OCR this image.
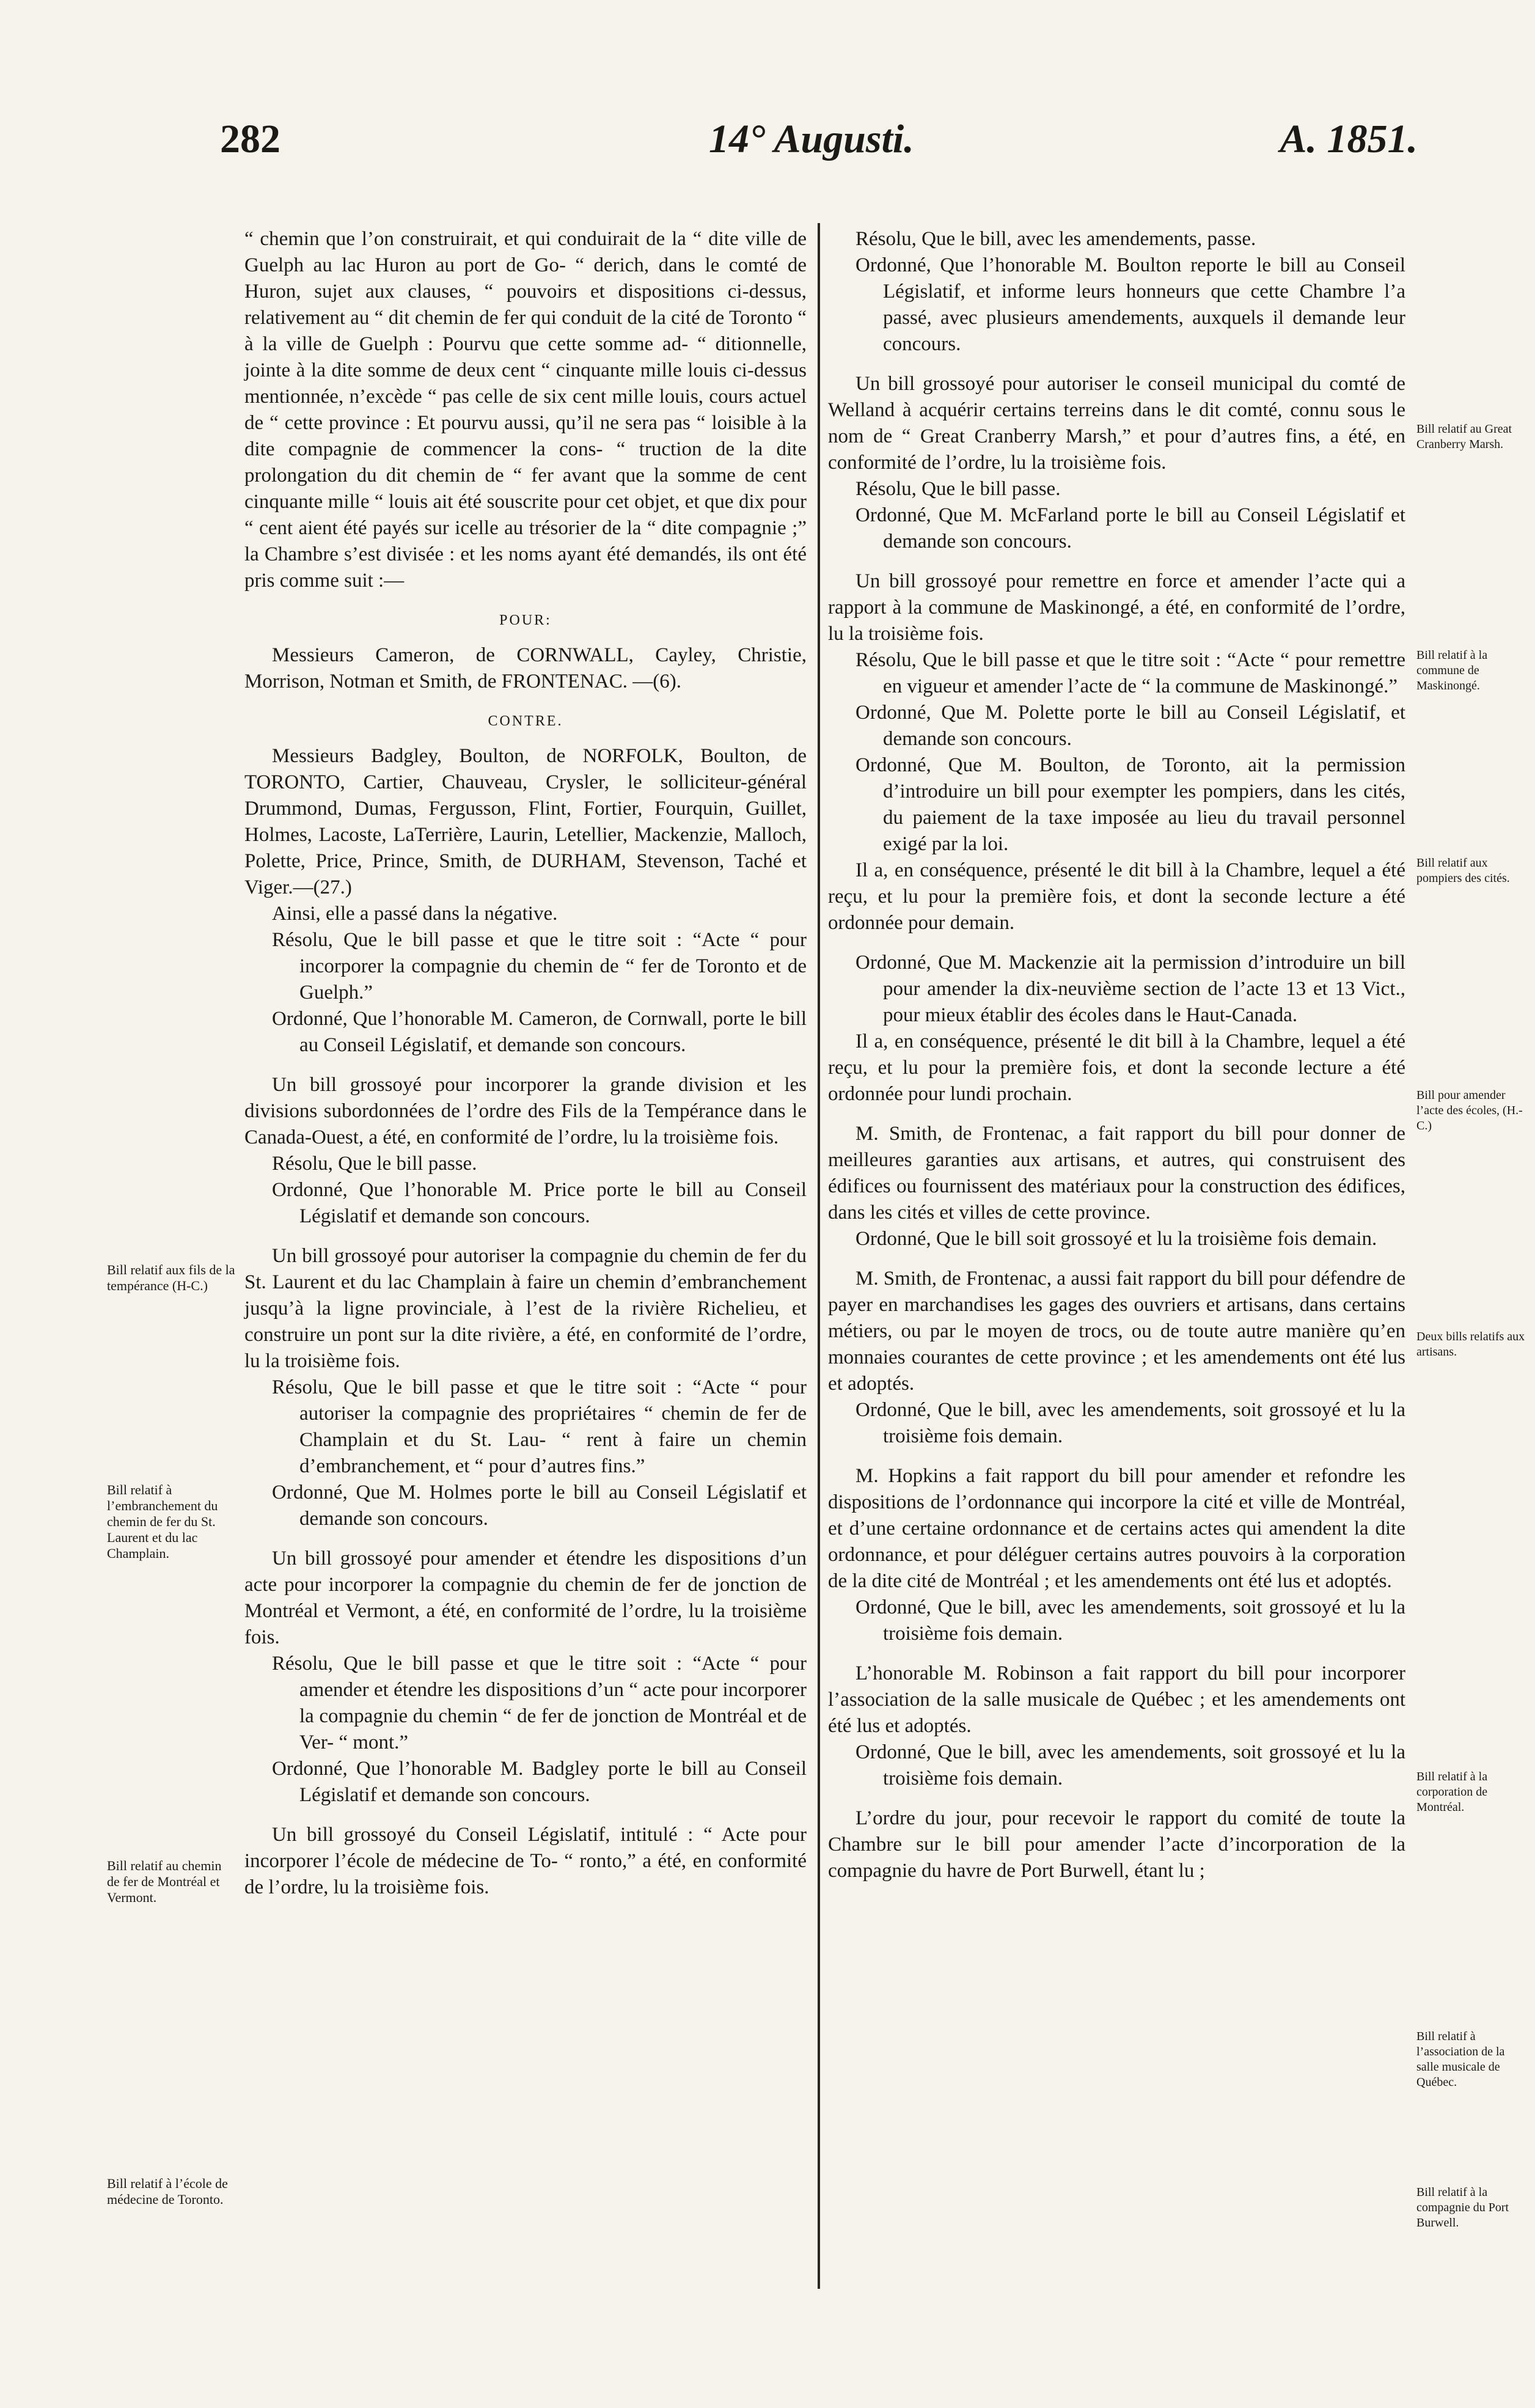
282	14° Augusti.	A. 1851.

“ chemin que l’on construirait, et qui conduirait de la “ dite ville de Guelph au lac Huron au port de Go- “ derich, dans le comté de Huron, sujet aux clauses, “ pouvoirs et dispositions ci-dessus, relativement au “ dit chemin de fer qui conduit de la cité de Toronto “ à la ville de Guelph : Pourvu que cette somme ad- “ ditionnelle, jointe à la dite somme de deux cent “ cinquante mille louis ci-dessus mentionnée, n’excède “ pas celle de six cent mille louis, cours actuel de “ cette province : Et pourvu aussi, qu’il ne sera pas “ loisible à la dite compagnie de commencer la cons- “ truction de la dite prolongation du dit chemin de “ fer avant que la somme de cent cinquante mille “ louis ait été souscrite pour cet objet, et que dix pour “ cent aient été payés sur icelle au trésorier de la “ dite compagnie ;” la Chambre s’est divisée : et les noms ayant été demandés, ils ont été pris comme suit :—

POUR:

Messieurs Cameron, de CORNWALL, Cayley, Christie, Morrison, Notman et Smith, de FRONTENAC. —(6).

CONTRE.

Messieurs Badgley, Boulton, de NORFOLK, Boulton, de TORONTO, Cartier, Chauveau, Crysler, le solliciteur-général Drummond, Dumas, Fergusson, Flint, Fortier, Fourquin, Guillet, Holmes, Lacoste, LaTerrière, Laurin, Letellier, Mackenzie, Malloch, Polette, Price, Prince, Smith, de DURHAM, Stevenson, Taché et Viger.—(27.)

Ainsi, elle a passé dans la négative.

Résolu, Que le bill passe et que le titre soit : “Acte “ pour incorporer la compagnie du chemin de “ fer de Toronto et de Guelph.”

Ordonné, Que l’honorable M. Cameron, de Cornwall, porte le bill au Conseil Législatif, et demande son concours.

Un bill grossoyé pour incorporer la grande division et les divisions subordonnées de l’ordre des Fils de la Tempérance dans le Canada-Ouest, a été, en conformité de l’ordre, lu la troisième fois.

Résolu, Que le bill passe.

Ordonné, Que l’honorable M. Price porte le bill au Conseil Législatif et demande son concours.

Un bill grossoyé pour autoriser la compagnie du chemin de fer du St. Laurent et du lac Champlain à faire un chemin d’embranchement jusqu’à la ligne provinciale, à l’est de la rivière Richelieu, et construire un pont sur la dite rivière, a été, en conformité de l’ordre, lu la troisième fois.

Résolu, Que le bill passe et que le titre soit : “Acte “ pour autoriser la compagnie des propriétaires “ chemin de fer de Champlain et du St. Lau- “ rent à faire un chemin d’embranchement, et “ pour d’autres fins.”

Ordonné, Que M. Holmes porte le bill au Conseil Législatif et demande son concours.

Un bill grossoyé pour amender et étendre les dispositions d’un acte pour incorporer la compagnie du chemin de fer de jonction de Montréal et Vermont, a été, en conformité de l’ordre, lu la troisième fois.

Résolu, Que le bill passe et que le titre soit : “Acte “ pour amender et étendre les dispositions d’un “ acte pour incorporer la compagnie du chemin “ de fer de jonction de Montréal et de Ver- “ mont.”

Ordonné, Que l’honorable M. Badgley porte le bill au Conseil Législatif et demande son concours.

Un bill grossoyé du Conseil Législatif, intitulé : “ Acte pour incorporer l’école de médecine de To- “ ronto,” a été, en conformité de l’ordre, lu la troisième fois.

Résolu, Que le bill, avec les amendements, passe.

Ordonné, Que l’honorable M. Boulton reporte le bill au Conseil Législatif, et informe leurs honneurs que cette Chambre l’a passé, avec plusieurs amendements, auxquels il demande leur concours.

Un bill grossoyé pour autoriser le conseil municipal du comté de Welland à acquérir certains terreins dans le dit comté, connu sous le nom de “ Great Cranberry Marsh,” et pour d’autres fins, a été, en conformité de l’ordre, lu la troisième fois.

Résolu, Que le bill passe.

Ordonné, Que M. McFarland porte le bill au Conseil Législatif et demande son concours.

Un bill grossoyé pour remettre en force et amender l’acte qui a rapport à la commune de Maskinongé, a été, en conformité de l’ordre, lu la troisième fois.

Résolu, Que le bill passe et que le titre soit : “Acte “ pour remettre en vigueur et amender l’acte de “ la commune de Maskinongé.”

Ordonné, Que M. Polette porte le bill au Conseil Législatif, et demande son concours.

Ordonné, Que M. Boulton, de Toronto, ait la permission d’introduire un bill pour exempter les pompiers, dans les cités, du paiement de la taxe imposée au lieu du travail personnel exigé par la loi.

Il a, en conséquence, présenté le dit bill à la Chambre, lequel a été reçu, et lu pour la première fois, et dont la seconde lecture a été ordonnée pour demain.

Ordonné, Que M. Mackenzie ait la permission d’introduire un bill pour amender la dix-neuvième section de l’acte 13 et 13 Vict., pour mieux établir des écoles dans le Haut-Canada.

Il a, en conséquence, présenté le dit bill à la Chambre, lequel a été reçu, et lu pour la première fois, et dont la seconde lecture a été ordonnée pour lundi prochain.

M. Smith, de Frontenac, a fait rapport du bill pour donner de meilleures garanties aux artisans, et autres, qui construisent des édifices ou fournissent des matériaux pour la construction des édifices, dans les cités et villes de cette province.

Ordonné, Que le bill soit grossoyé et lu la troisième fois demain.

M. Smith, de Frontenac, a aussi fait rapport du bill pour défendre de payer en marchandises les gages des ouvriers et artisans, dans certains métiers, ou par le moyen de trocs, ou de toute autre manière qu’en monnaies courantes de cette province ; et les amendements ont été lus et adoptés.

Ordonné, Que le bill, avec les amendements, soit grossoyé et lu la troisième fois demain.

M. Hopkins a fait rapport du bill pour amender et refondre les dispositions de l’ordonnance qui incorpore la cité et ville de Montréal, et d’une certaine ordonnance et de certains actes qui amendent la dite ordonnance, et pour déléguer certains autres pouvoirs à la corporation de la dite cité de Montréal ; et les amendements ont été lus et adoptés.

Ordonné, Que le bill, avec les amendements, soit grossoyé et lu la troisième fois demain.

L’honorable M. Robinson a fait rapport du bill pour incorporer l’association de la salle musicale de Québec ; et les amendements ont été lus et adoptés.

Ordonné, Que le bill, avec les amendements, soit grossoyé et lu la troisième fois demain.

L’ordre du jour, pour recevoir le rapport du comité de toute la Chambre sur le bill pour amender l’acte d’incorporation de la compagnie du havre de Port Burwell, étant lu ;

Bill relatif aux fils de la tempérance (H-C.)
Bill relatif à l’embranchement du chemin de fer du St. Laurent et du lac Champlain.
Bill relatif au chemin de fer de Montréal et Vermont.
Bill relatif à l’école de médecine de Toronto.
Bill relatif au Great Cranberry Marsh.
Bill relatif à la commune de Maskinongé.
Bill relatif aux pompiers des cités.
Bill pour amender l’acte des écoles, (H.-C.)
Deux bills relatifs aux artisans.
Bill relatif à la corporation de Montréal.
Bill relatif à l’association de la salle musicale de Québec.
Bill relatif à la compagnie du Port Burwell.
